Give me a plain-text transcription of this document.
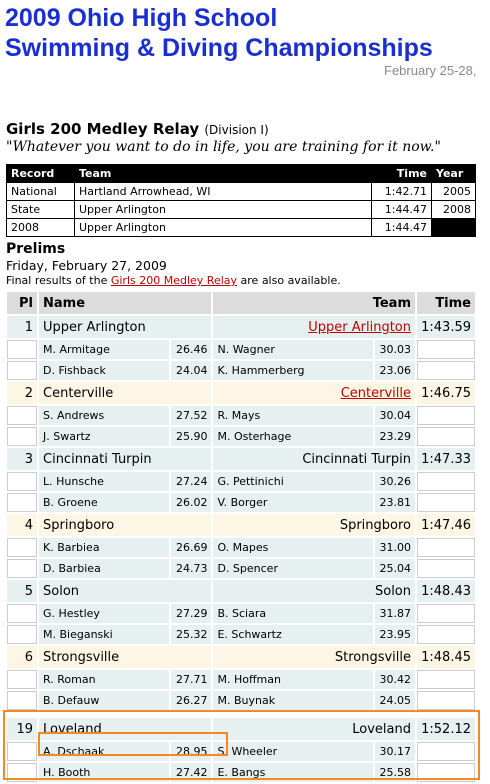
2009 Ohio High School
Swimming & Diving Championships
February 25-28,
Girls 200 Medley Relay (Division I)
"Whatever you want to do in life, you are training for it now."
Record	Team	Time	Year
National	Hartland Arrowhead, WI	1:42.71	2005
State	Upper Arlington	1:44.47	2008
2008	Upper Arlington	1:44.47	
Prelims
Friday, February 27, 2009
Final results of the Girls 200 Medley Relay are also available.
Pl	Name		Team		Time
1	Upper Arlington		Upper Arlington		1:43.59
	M. Armitage	26.46	N. Wagner	30.03	
	D. Fishback	24.04	K. Hammerberg	23.06	
2	Centerville		Centerville		1:46.75
	S. Andrews	27.52	R. Mays	30.04	
	J. Swartz	25.90	M. Osterhage	23.29	
3	Cincinnati Turpin		Cincinnati Turpin		1:47.33
	L. Hunsche	27.24	G. Pettinichi	30.26	
	B. Groene	26.02	V. Borger	23.81	
4	Springboro		Springboro		1:47.46
	K. Barbiea	26.69	O. Mapes	31.00	
	D. Barbiea	24.73	D. Spencer	25.04	
5	Solon		Solon		1:48.43
	G. Hestley	27.29	B. Sciara	31.87	
	M. Bieganski	25.32	E. Schwartz	23.95	
6	Strongsville		Strongsville		1:48.45
	R. Roman	27.71	M. Hoffman	30.42	
	B. Defauw	26.27	M. Buynak	24.05	

19	Loveland		Loveland		1:52.12
	A. Dschaak	28.95	S. Wheeler	30.17	
	H. Booth	27.42	E. Bangs	25.58	
